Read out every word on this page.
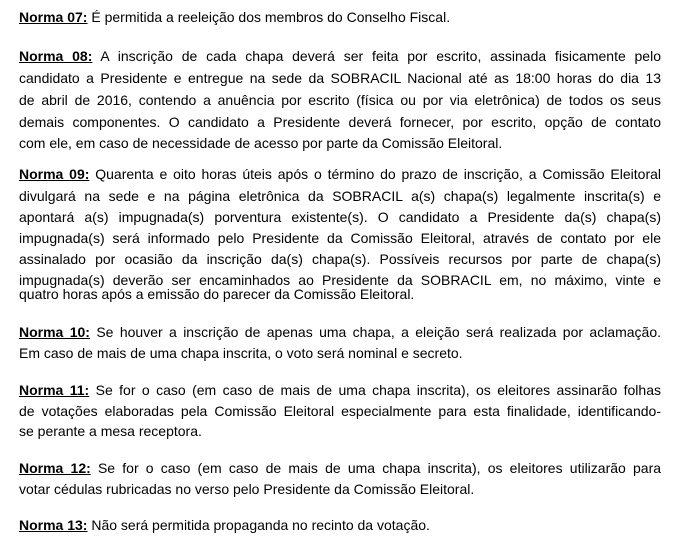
Norma 07: É permitida a reeleição dos membros do Conselho Fiscal.
Norma 08: A inscrição de cada chapa deverá ser feita por escrito, assinada fisicamente pelo
candidato a Presidente e entregue na sede da SOBRACIL Nacional até as 18:00 horas do dia 13
de abril de 2016, contendo a anuência por escrito (física ou por via eletrônica) de todos os seus
demais componentes. O candidato a Presidente deverá fornecer, por escrito, opção de contato
com ele, em caso de necessidade de acesso por parte da Comissão Eleitoral.
Norma 09: Quarenta e oito horas úteis após o término do prazo de inscrição, a Comissão Eleitoral
divulgará na sede e na página eletrônica da SOBRACIL a(s) chapa(s) legalmente inscrita(s) e
apontará a(s) impugnada(s) porventura existente(s). O candidato a Presidente da(s) chapa(s)
impugnada(s) será informado pelo Presidente da Comissão Eleitoral, através de contato por ele
assinalado por ocasião da inscrição da(s) chapa(s). Possíveis recursos por parte de chapa(s)
impugnada(s) deverão ser encaminhados ao Presidente da SOBRACIL em, no máximo, vinte e
quatro horas após a emissão do parecer da Comissão Eleitoral.
Norma 10: Se houver a inscrição de apenas uma chapa, a eleição será realizada por aclamação.
Em caso de mais de uma chapa inscrita, o voto será nominal e secreto.
Norma 11: Se for o caso (em caso de mais de uma chapa inscrita), os eleitores assinarão folhas
de votações elaboradas pela Comissão Eleitoral especialmente para esta finalidade, identificando-
se perante a mesa receptora.
Norma 12: Se for o caso (em caso de mais de uma chapa inscrita), os eleitores utilizarão para
votar cédulas rubricadas no verso pelo Presidente da Comissão Eleitoral.
Norma 13: Não será permitida propaganda no recinto da votação.
